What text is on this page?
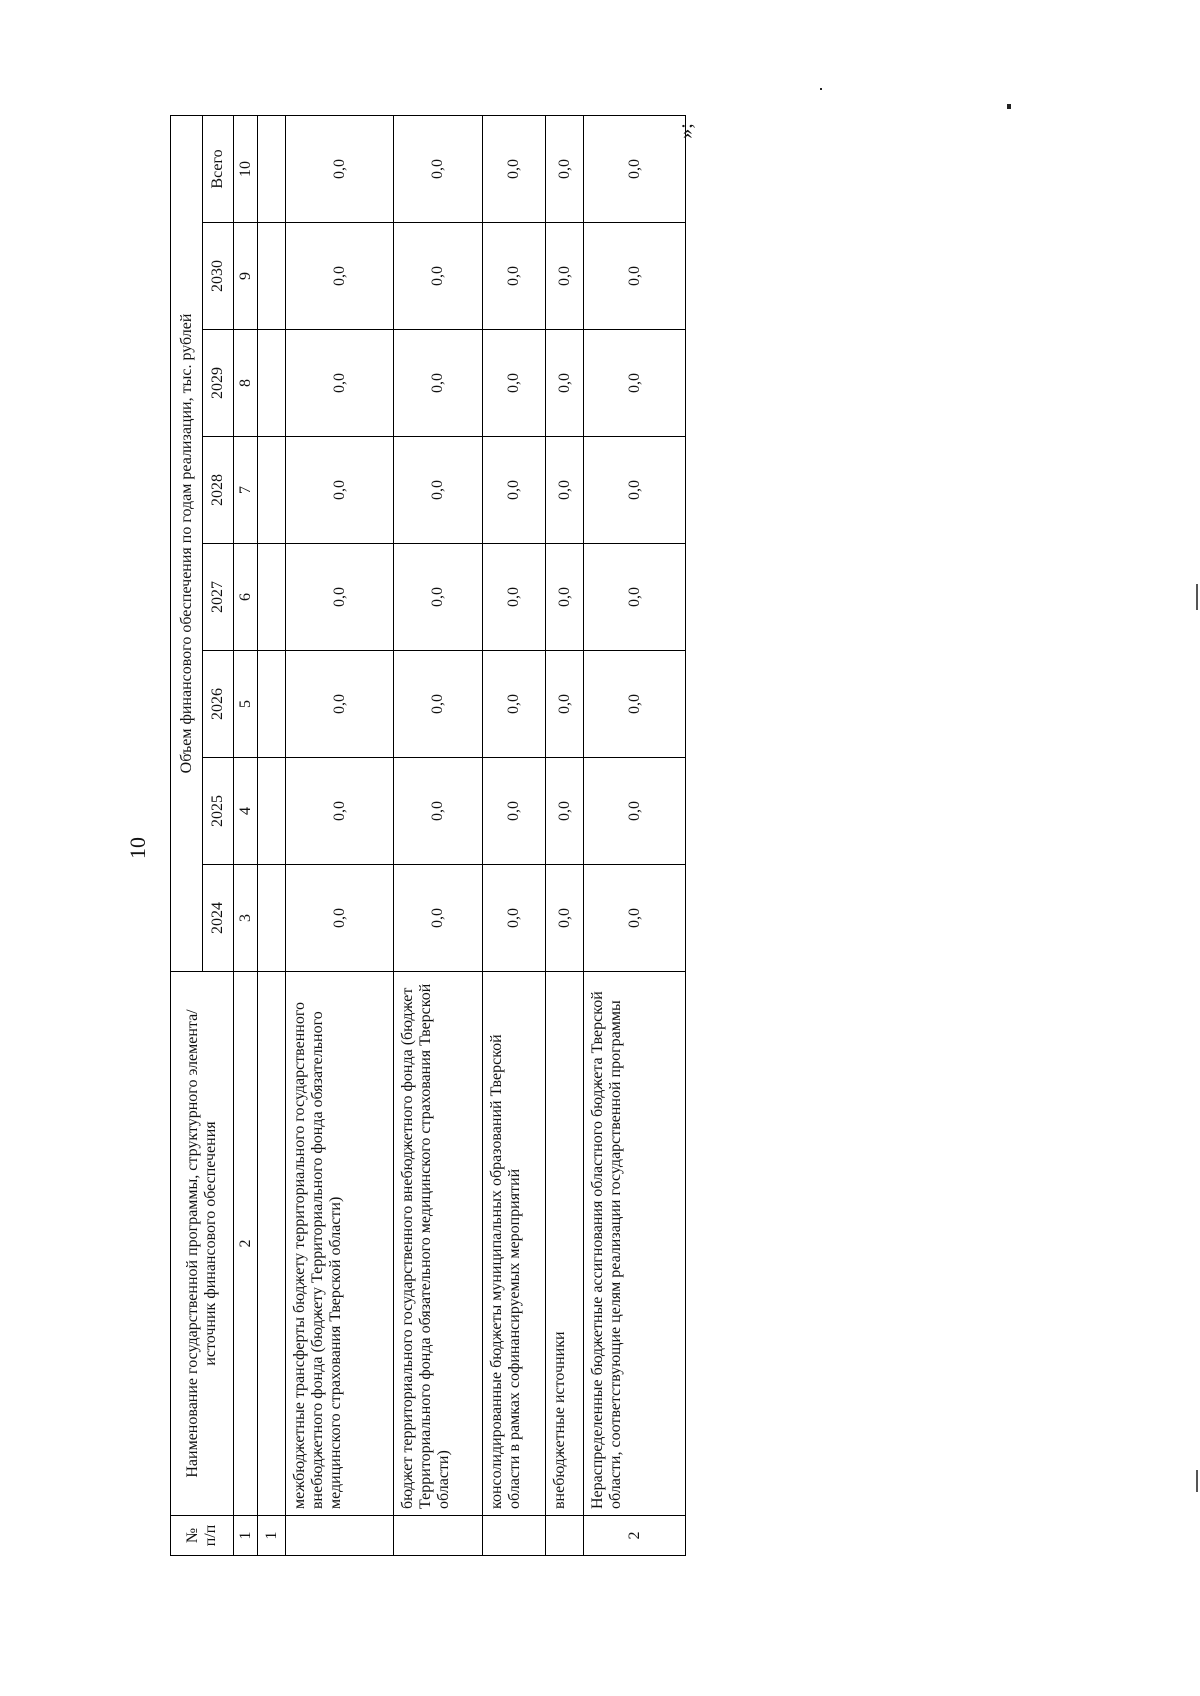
10
№ п/п	Наименование государственной программы, структурного элемента/источник финансового обеспечения	Объем финансового обеспечения по годам реализации, тыс. рублей							
		2024	2025	2026	2027	2028	2029	2030	Всего
1	2	3	4	5	6	7	8	9	10
1									
	межбюджетные трансферты бюджету территориального государственного внебюджетного фонда (бюджету Территориального фонда обязательного медицинского страхования Тверской области)	0,0	0,0	0,0	0,0	0,0	0,0	0,0	0,0
	бюджет территориального государственного внебюджетного фонда (бюджет Территориального фонда обязательного медицинского страхования Тверской области)	0,0	0,0	0,0	0,0	0,0	0,0	0,0	0,0
	консолидированные бюджеты муниципальных образований Тверской области в рамках софинансируемых мероприятий	0,0	0,0	0,0	0,0	0,0	0,0	0,0	0,0
	внебюджетные источники	0,0	0,0	0,0	0,0	0,0	0,0	0,0	0,0
2	Нераспределенные бюджетные ассигнования областного бюджета Тверской области, соответствующие целям реализации государственной программы	0,0	0,0	0,0	0,0	0,0	0,0	0,0	0,0
»;
